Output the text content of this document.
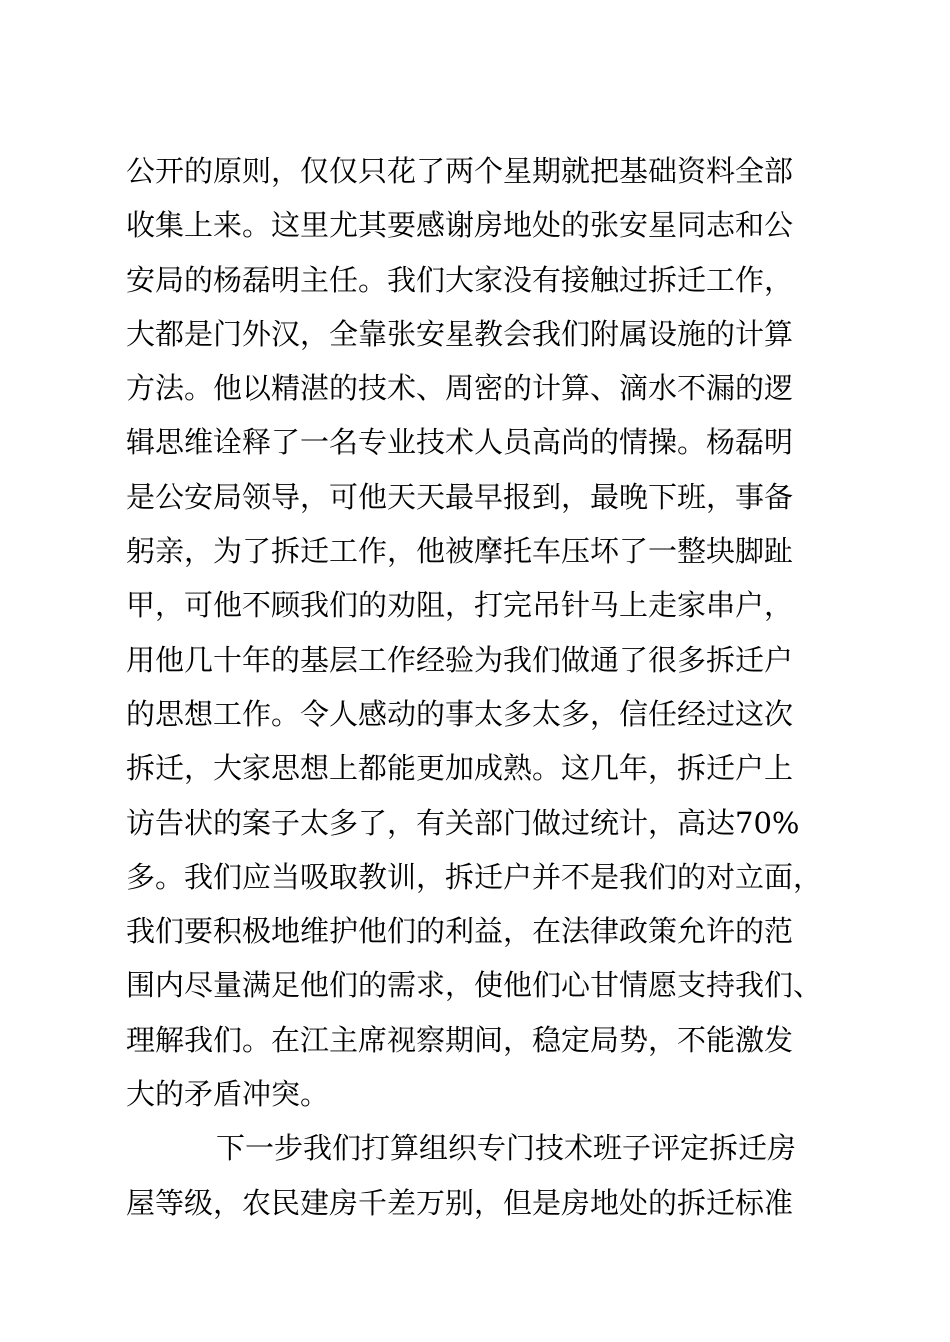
公开的原则，仅仅只花了两个星期就把基础资料全部
收集上来。这里尤其要感谢房地处的张安星同志和公
安局的杨磊明主任。我们大家没有接触过拆迁工作，
大都是门外汉，全靠张安星教会我们附属设施的计算
方法。他以精湛的技术、周密的计算、滴水不漏的逻
辑思维诠释了一名专业技术人员高尚的情操。杨磊明
是公安局领导，可他天天最早报到，最晚下班，事备
躬亲，为了拆迁工作，他被摩托车压坏了一整块脚趾
甲，可他不顾我们的劝阻，打完吊针马上走家串户，
用他几十年的基层工作经验为我们做通了很多拆迁户
的思想工作。令人感动的事太多太多，信任经过这次
拆迁，大家思想上都能更加成熟。这几年，拆迁户上
访告状的案子太多了，有关部门做过统计，高达70%
多。我们应当吸取教训，拆迁户并不是我们的对立面，
我们要积极地维护他们的利益，在法律政策允许的范
围内尽量满足他们的需求，使他们心甘情愿支持我们、
理解我们。在江主席视察期间，稳定局势，不能激发
大的矛盾冲突。
下一步我们打算组织专门技术班子评定拆迁房
屋等级，农民建房千差万别，但是房地处的拆迁标准
